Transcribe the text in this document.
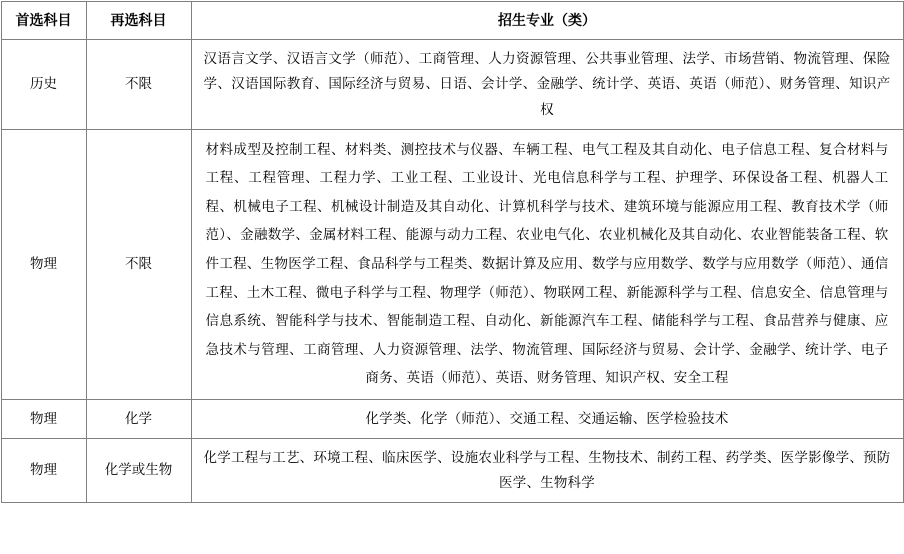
首选科目	再选科目	招生专业（类）
历史	不限	汉语言文学、汉语言文学（师范）、工商管理、人力资源管理、公共事业管理、法学、市场营销、物流管理、保险学、汉语国际教育、国际经济与贸易、日语、会计学、金融学、统计学、英语、英语（师范）、财务管理、知识产权
物理	不限	材料成型及控制工程、材料类、测控技术与仪器、车辆工程、电气工程及其自动化、电子信息工程、复合材料与工程、工程管理、工程力学、工业工程、工业设计、光电信息科学与工程、护理学、环保设备工程、机器人工程、机械电子工程、机械设计制造及其自动化、计算机科学与技术、建筑环境与能源应用工程、教育技术学（师范）、金融数学、金属材料工程、能源与动力工程、农业电气化、农业机械化及其自动化、农业智能装备工程、软件工程、生物医学工程、食品科学与工程类、数据计算及应用、数学与应用数学、数学与应用数学（师范）、通信工程、土木工程、微电子科学与工程、物理学（师范）、物联网工程、新能源科学与工程、信息安全、信息管理与信息系统、智能科学与技术、智能制造工程、自动化、新能源汽车工程、储能科学与工程、食品营养与健康、应急技术与管理、工商管理、人力资源管理、法学、物流管理、国际经济与贸易、会计学、金融学、统计学、电子商务、英语（师范）、英语、财务管理、知识产权、安全工程
物理	化学	化学类、化学（师范）、交通工程、交通运输、医学检验技术
物理	化学或生物	化学工程与工艺、环境工程、临床医学、设施农业科学与工程、生物技术、制药工程、药学类、医学影像学、预防医学、生物科学
